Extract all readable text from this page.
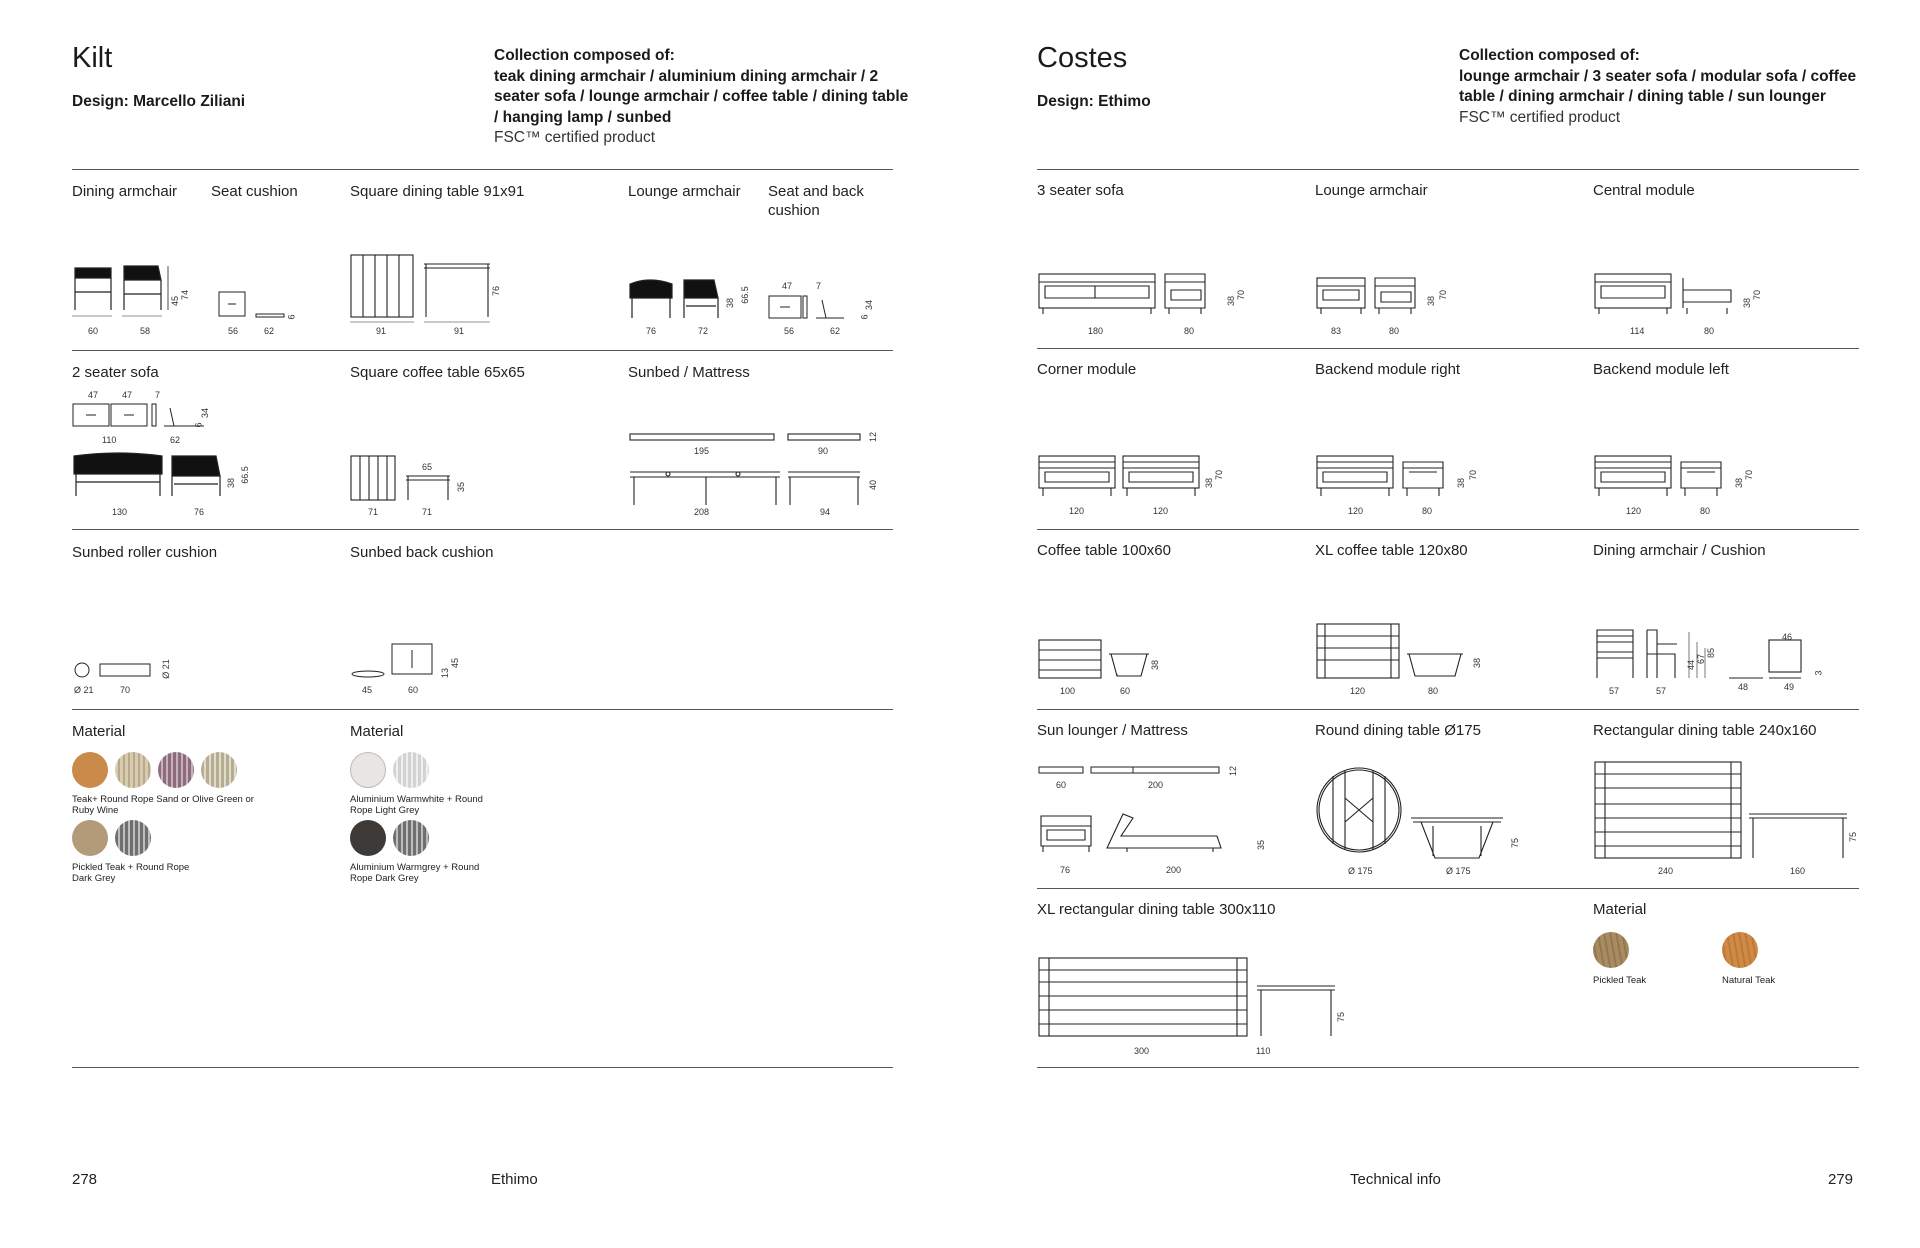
Kilt
Design: Marcello Ziliani
Collection composed of:
teak dining armchair / aluminium dining armchair / 2 seater sofa / lounge armchair / coffee table / dining table / hanging lamp / sunbed
FSC™ certified product
Dining armchair Seat cushion	Square dining table 91x91	Lounge armchair Seat and back cushion
60	58
45
74
56	62
6
91	91
76
76	72
38 66.5
47	7
56	62
6
34
2 seater sofa	Square coffee table 65x65	Sunbed / Mattress
47	47	7
110	62
6
34
130	76
38 66.5	65
71	71
35
195	90
12
208	94
40
Sunbed roller cushion	Sunbed back cushion
Ø 21	70
Ø 21
45	60
13
45
Material	Material
Teak+ Round Rope Sand or Olive Green or Ruby Wine
Pickled Teak + Round Rope Dark Grey
Aluminium Warmwhite + Round Rope Light Grey
Aluminium Warmgrey + Round Rope Dark Grey
278	Ethimo
Costes
Design: Ethimo
Collection composed of:
lounge armchair / 3 seater sofa / modular sofa / coffee table / dining armchair / dining table / sun lounger
FSC™ certified product
3 seater sofa	Lounge armchair	Central module
180	80
38
70
83	80
38
70
114	80
38
70
Corner module	Backend module right	Backend module left
120	120
38
70
120	80
38
70
120	80
38
70
Coffee table 100x60	XL coffee table 120x80	Dining armchair / Cushion
100	60
38
120	80
38
57	57
44
67
85
46
48	49
3
Sun lounger / Mattress	Round dining table Ø175	Rectangular dining table 240x160
60	200
12
76	200
35
Ø 175	Ø 175
75
240	160
75
XL rectangular dining table 300x110	Material
300	110
75
Pickled Teak	Natural Teak
Technical info	279
